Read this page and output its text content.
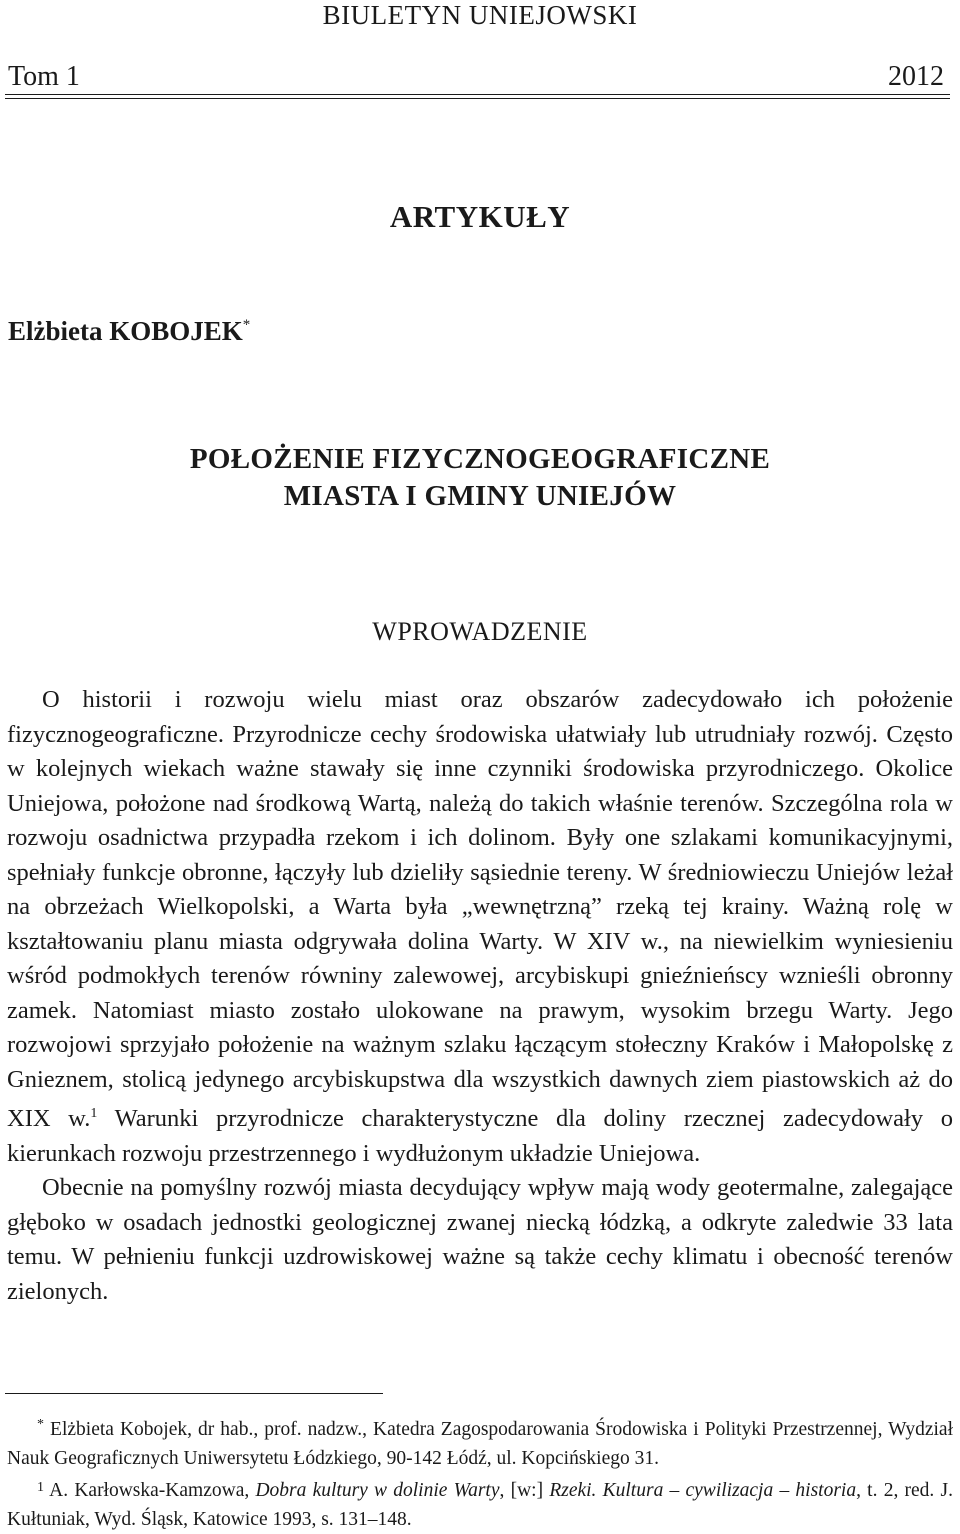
BIULETYN UNIEJOWSKI
Tom 1	2012
ARTYKUŁY
Elżbieta KOBOJEK*
POŁOŻENIE FIZYCZNOGEOGRAFICZNE
MIASTA I GMINY UNIEJÓW
WPROWADZENIE

O historii i rozwoju wielu miast oraz obszarów zadecydowało ich położenie fizycznogeograficzne. Przyrodnicze cechy środowiska ułatwiały lub utrudniały rozwój. Często w kolejnych wiekach ważne stawały się inne czynniki środowiska przyrodniczego. Okolice Uniejowa, położone nad środkową Wartą, należą do takich właśnie terenów. Szczególna rola w rozwoju osadnictwa przypadła rzekom i ich dolinom. Były one szlakami komunikacyjnymi, spełniały funkcje obronne, łączyły lub dzieliły sąsiednie tereny. W średniowieczu Uniejów leżał na obrzeżach Wielkopolski, a Warta była „wewnętrzną” rzeką tej krainy. Ważną rolę w kształtowaniu planu miasta odgrywała dolina Warty. W XIV w., na niewielkim wyniesieniu wśród podmokłych terenów równiny zalewowej, arcybiskupi gnieźnieńscy wznieśli obronny zamek. Natomiast miasto zostało ulokowane na prawym, wysokim brzegu Warty. Jego rozwojowi sprzyjało położenie na ważnym szlaku łączącym stołeczny Kraków i Małopolskę z Gnieznem, stolicą jedynego arcybiskupstwa dla wszystkich dawnych ziem piastowskich aż do XIX w.$^1$ Warunki przyrodnicze charakterystyczne dla doliny rzecznej zadecydowały o kierunkach rozwoju przestrzennego i wydłużonym układzie Uniejowa.

Obecnie na pomyślny rozwój miasta decydujący wpływ mają wody geotermalne, zalegające głęboko w osadach jednostki geologicznej zwanej niecką łódzką, a odkryte zaledwie 33 lata temu. W pełnieniu funkcji uzdrowiskowej ważne są także cechy klimatu i obecność terenów zielonych.

* Elżbieta Kobojek, dr hab., prof. nadzw., Katedra Zagospodarowania Środowiska i Polityki Przestrzennej, Wydział Nauk Geograficznych Uniwersytetu Łódzkiego, 90-142 Łódź, ul. Kopcińskiego 31.

$^1$ A. Karłowska-Kamzowa, Dobra kultury w dolinie Warty, [w:] Rzeki. Kultura – cywilizacja – historia, t. 2, red. J. Kułtuniak, Wyd. Śląsk, Katowice 1993, s. 131–148.
